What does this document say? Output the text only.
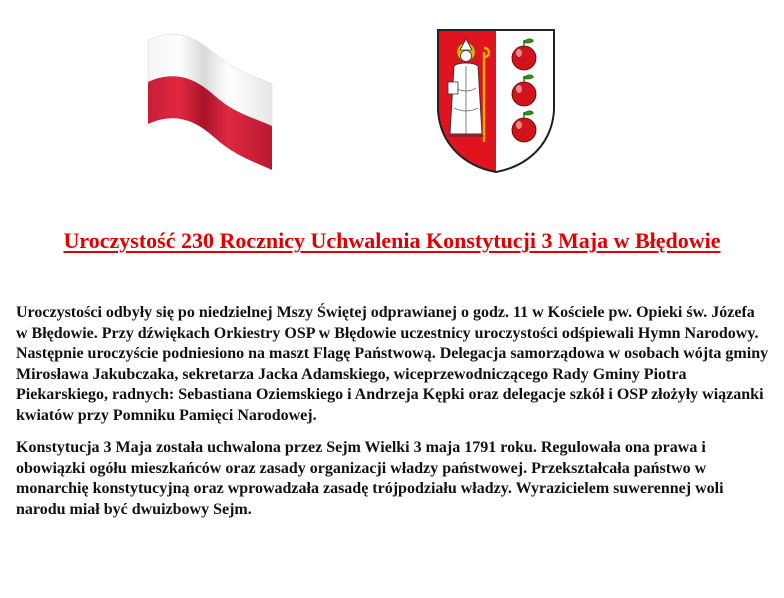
Uroczystość 230 Rocznicy Uchwalenia Konstytucji 3 Maja w Błędowie

Uroczystości odbyły się po niedzielnej Mszy Świętej odprawianej o godz. 11 w Kościele pw. Opieki św. Józefa w Błędowie. Przy dźwiękach Orkiestry OSP w Błędowie uczestnicy uroczystości odśpiewali Hymn Narodowy. Następnie uroczyście podniesiono na maszt Flagę Państwową. Delegacja samorządowa w osobach wójta gminy Mirosława Jakubczaka, sekretarza Jacka Adamskiego, wiceprzewodniczącego Rady Gminy Piotra Piekarskiego, radnych: Sebastiana Oziemskiego i Andrzeja Kępki oraz delegacje szkół i OSP złożyły wiązanki kwiatów przy Pomniku Pamięci Narodowej.

Konstytucja 3 Maja została uchwalona przez Sejm Wielki 3 maja 1791 roku. Regulowała ona prawa i obowiązki ogółu mieszkańców oraz zasady organizacji władzy państwowej. Przekształcała państwo w monarchię konstytucyjną oraz wprowadzała zasadę trójpodziału władzy. Wyrazicielem suwerennej woli narodu miał być dwuizbowy Sejm.
